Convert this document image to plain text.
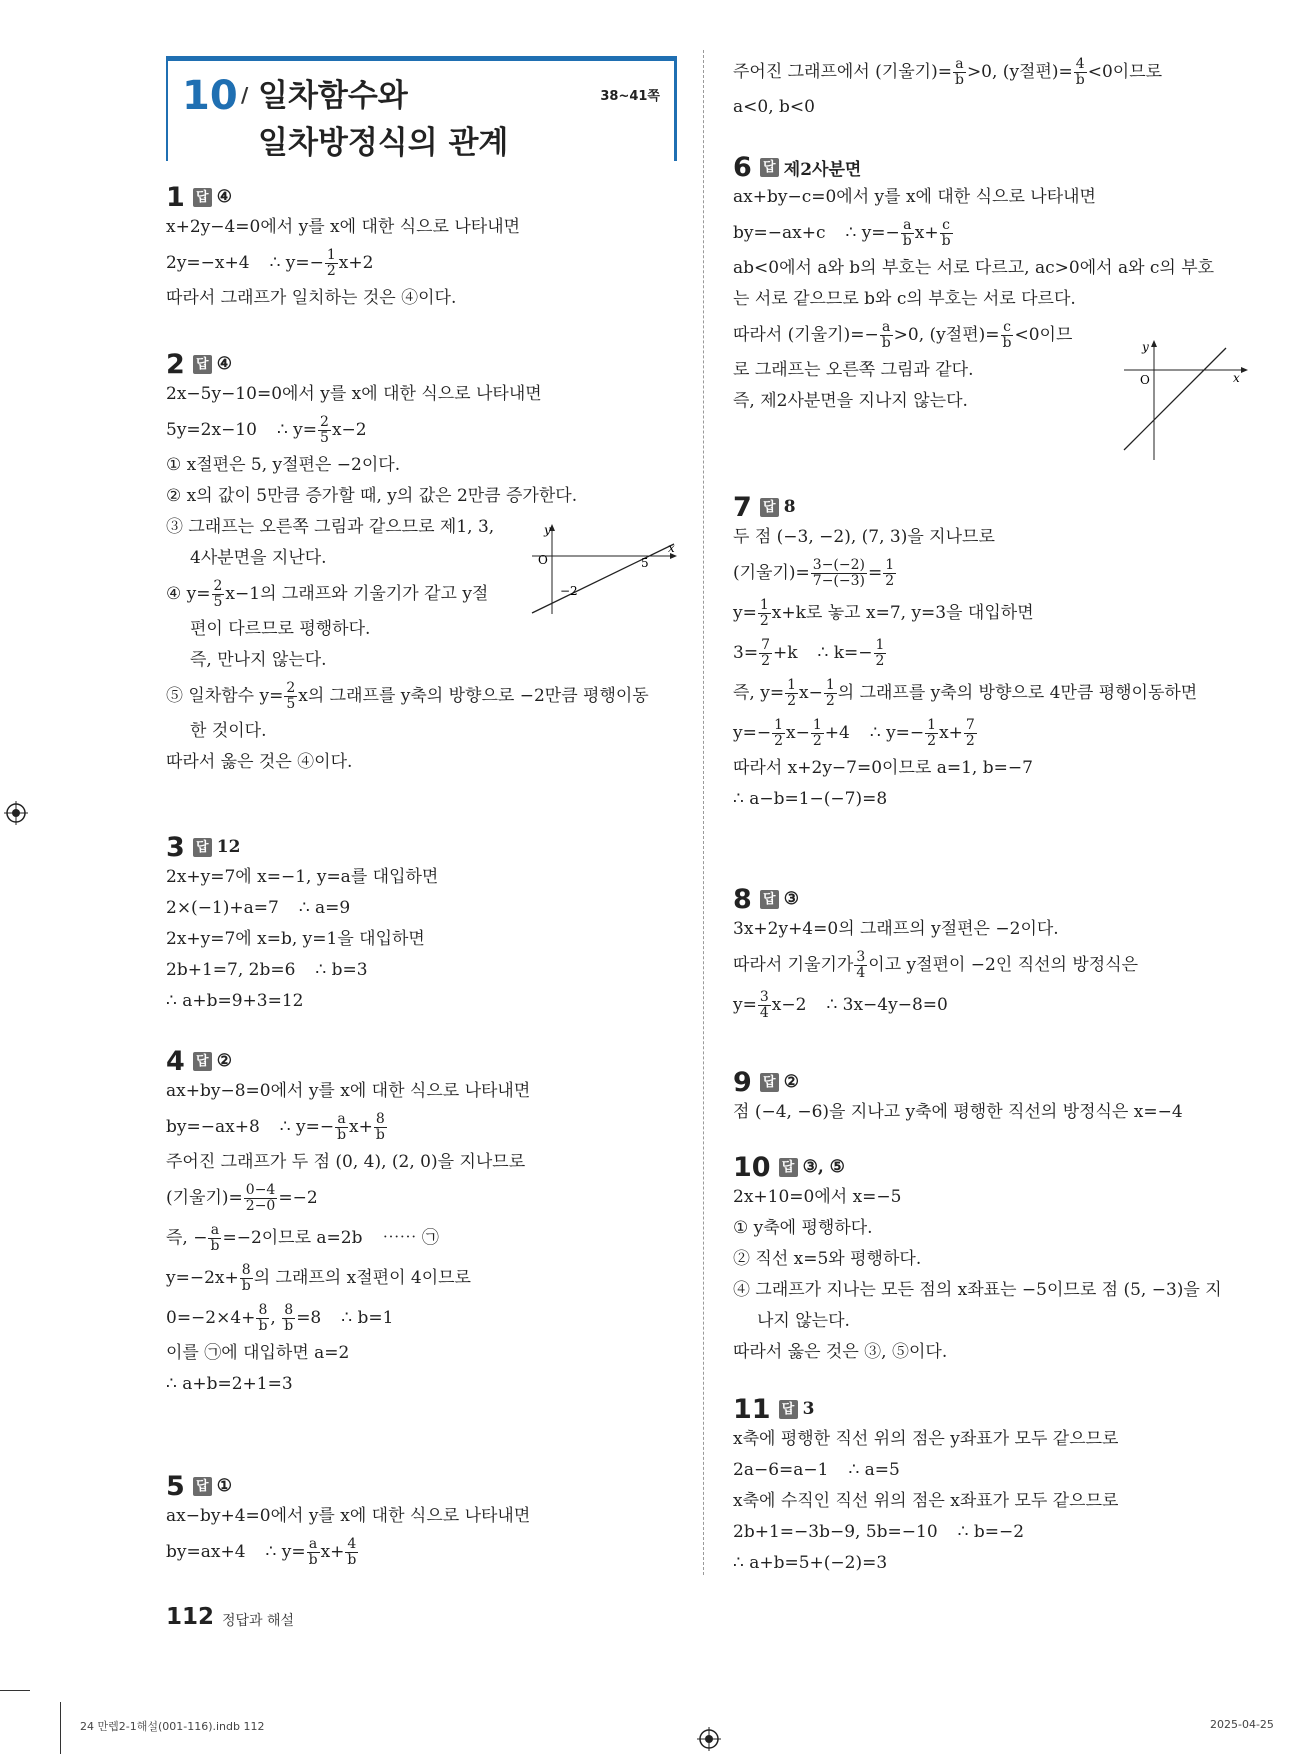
10 / 일차함수와
일차방정식의 관계
38~41쪽
1 답 ④
x+2y−4=0에서 y를 x에 대한 식으로 나타내면
2y=−x+4 ∴ $y=- \frac{1}{2} x+2$
따라서 그래프가 일치하는 것은 ④이다.
2 답 ④
2x−5y−10=0에서 y를 x에 대한 식으로 나타내면
5y=2x−10 ∴ $y= \frac{2}{5} x-2$
① x절편은 5, y절편은 −2이다.
② x의 값이 5만큼 증가할 때, y의 값은 2만큼 증가한다.
③ 그래프는 오른쪽 그림과 같으므로 제1, 3,
4사분면을 지난다.
④ $y= \frac{2}{5} x-1$의 그래프와 기울기가 같고 y절
편이 다르므로 평행하다.
즉, 만나지 않는다.
⑤ 일차함수 $y= \frac{2}{5}$ x의 그래프를 y축의 방향으로 −2만큼 평행이동
한 것이다.
따라서 옳은 것은 ④이다.
y
x
O	5
−2
3 답 12
2x+y=7에 x=−1, y=a를 대입하면
2×(−1)+a=7 ∴ a=9
2x+y=7에 x=b, y=1을 대입하면
2b+1=7, 2b=6 ∴ b=3
∴ a+b=9+3=12
4 답 ②
ax+by−8=0에서 y를 x에 대한 식으로 나타내면
by=−ax+8 ∴ $y=- \frac{a}{b} x+ \frac{8}{b}$
주어진 그래프가 두 점 (0, 4), (2, 0)을 지나므로
(기울기)= $\frac{0-4}{2-0} =-2$
즉, − $\frac{a}{b} =-2$이므로 a=2b ⋯⋯ ㉠
$y=-2x+ \frac{8}{b}$ 의 그래프의 x절편이 4이므로
$0=-2\times 4+ \frac{8}{b}$ , $\frac{8}{b} =8$ ∴ b=1
이를 ㉠에 대입하면 a=2
∴ a+b=2+1=3
5 답 ①
ax−by+4=0에서 y를 x에 대한 식으로 나타내면
by=ax+4 ∴ $y= \frac{a}{b} x+ \frac{4}{b}$
주어진 그래프에서 (기울기)= $\frac{a}{b} >0$, (y절편)= $\frac{4}{b} <0$이므로
a<0, b<0
6 답 제2사분면
ax+by−c=0에서 y를 x에 대한 식으로 나타내면
by=−ax+c ∴ $y=- \frac{a}{b} x+ \frac{c}{b}$
ab<0에서 a와 b의 부호는 서로 다르고, ac>0에서 a와 c의 부호
는 서로 같으므로 b와 c의 부호는 서로 다르다.
따라서 (기울기)=− $\frac{a}{b} >0$, (y절편)= $\frac{c}{b} <0$이므
로 그래프는 오른쪽 그림과 같다.
즉, 제2사분면을 지나지 않는다.
y
x
O
7 답 8
두 점 (−3, −2), (7, 3)을 지나므로
(기울기)= $\frac{3-(-2)}{7-(-3)} = \frac{1}{2}$
$y= \frac{1}{2} x+k$로 놓고 x=7, y=3을 대입하면
$3= \frac{7}{2} +k$ ∴ $k=- \frac{1}{2}$
즉, $y= \frac{1}{2} x- \frac{1}{2}$ 의 그래프를 y축의 방향으로 4만큼 평행이동하면
$y=- \frac{1}{2} x- \frac{1}{2} +4$ ∴ $y=- \frac{1}{2} x+ \frac{7}{2}$
따라서 x+2y−7=0이므로 a=1, b=−7
∴ a−b=1−(−7)=8
8 답 ③
3x+2y+4=0의 그래프의 y절편은 −2이다.
따라서 기울기가 $\frac{3}{4}$ 이고 y절편이 −2인 직선의 방정식은
$y= \frac{3}{4} x-2$ ∴ 3x−4y−8=0
9 답 ②
점 (−4, −6)을 지나고 y축에 평행한 직선의 방정식은 x=−4
10 답 ③, ⑤
2x+10=0에서 x=−5
① y축에 평행하다.
② 직선 x=5와 평행하다.
④ 그래프가 지나는 모든 점의 x좌표는 −5이므로 점 (5, −3)을 지
나지 않는다.
따라서 옳은 것은 ③, ⑤이다.
11 답 3
x축에 평행한 직선 위의 점은 y좌표가 모두 같으므로
2a−6=a−1 ∴ a=5
x축에 수직인 직선 위의 점은 x좌표가 모두 같으므로
2b+1=−3b−9, 5b=−10 ∴ b=−2
∴ a+b=5+(−2)=3
112 정답과 해설
24 만렙2-1해설(001-116).indb 112	2025-04-25
